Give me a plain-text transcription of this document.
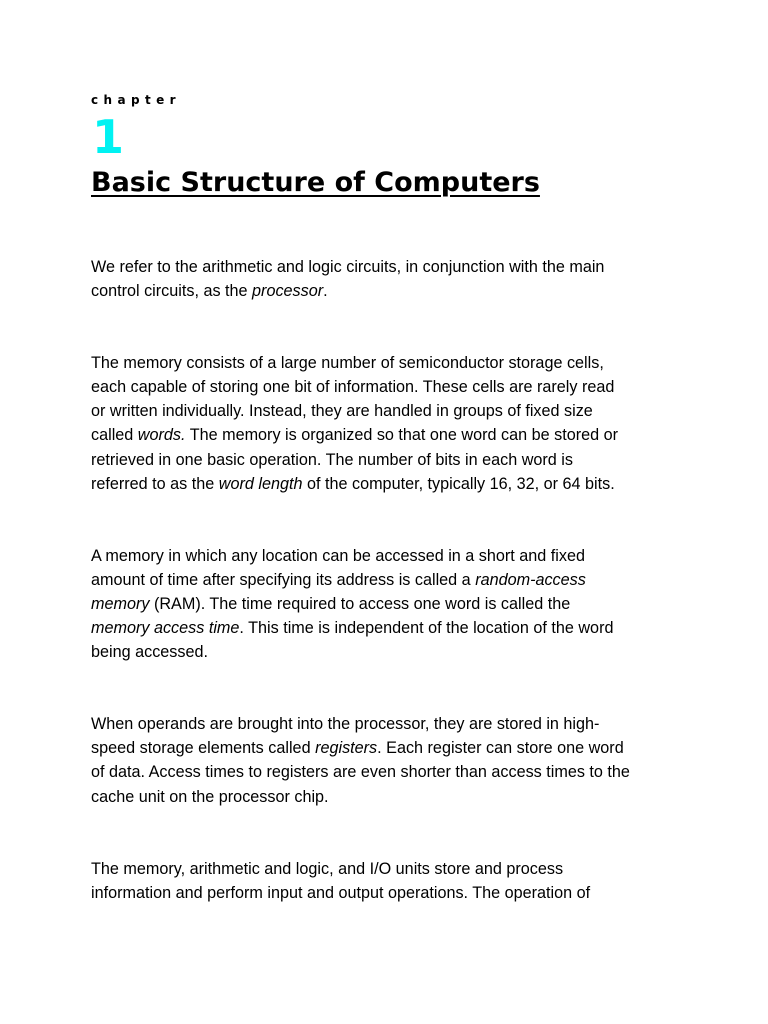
chapter

1
Basic Structure of Computers

We refer to the arithmetic and logic circuits, in conjunction with the main
control circuits, as the processor.

The memory consists of a large number of semiconductor storage cells,
each capable of storing one bit of information. These cells are rarely read
or written individually. Instead, they are handled in groups of fixed size
called words. The memory is organized so that one word can be stored or
retrieved in one basic operation. The number of bits in each word is
referred to as the word length of the computer, typically 16, 32, or 64 bits.

A memory in which any location can be accessed in a short and fixed
amount of time after specifying its address is called a random-access
memory (RAM). The time required to access one word is called the
memory access time. This time is independent of the location of the word
being accessed.

When operands are brought into the processor, they are stored in high-
speed storage elements called registers. Each register can store one word
of data. Access times to registers are even shorter than access times to the
cache unit on the processor chip.

The memory, arithmetic and logic, and I/O units store and process
information and perform input and output operations. The operation of
